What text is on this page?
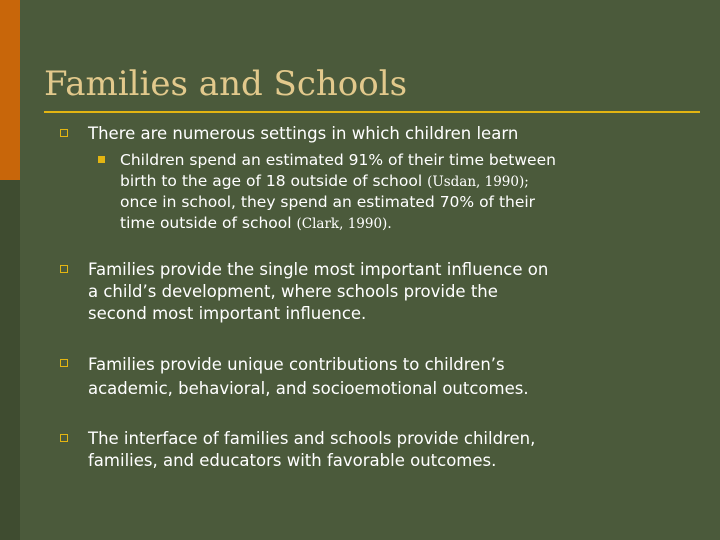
Families and Schools
There are numerous settings in which children learn
Children spend an estimated 91% of their time between
birth to the age of 18 outside of school (Usdan, 1990);
once in school, they spend an estimated 70% of their
time outside of school (Clark, 1990).
Families provide the single most important influence on
a child’s development, where schools provide the
second most important influence.
Families provide unique contributions to children’s
academic, behavioral, and socioemotional outcomes.
The interface of families and schools provide children,
families, and educators with favorable outcomes.
